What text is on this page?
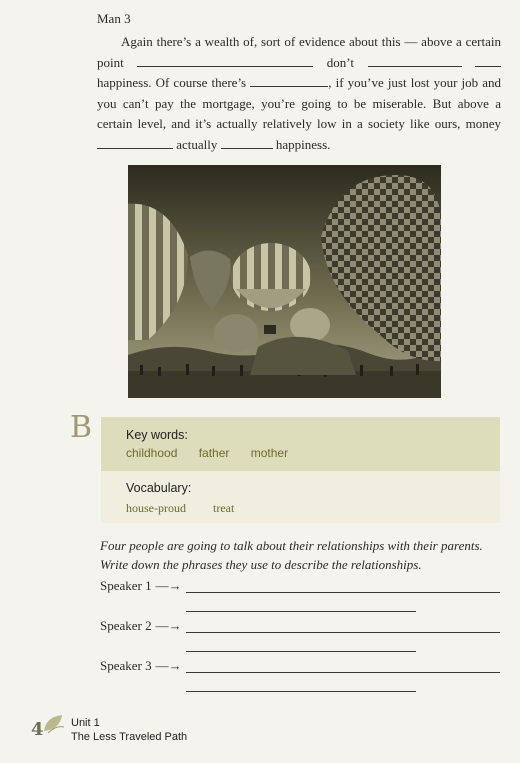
Man 3
Again there’s a wealth of, sort of evidence about this — above a certain point	don’t   happiness. Of course there’s	, if you’ve just lost your job and you can’t pay the mortgage, you’re going to be miserable. But above a certain level, and it’s actually relatively low in a society like ours, money  actually	happiness.
B	Key words:
childhood father mother
Vocabulary:
house-proud treat
Four people are going to talk about their relationships with their parents. Write down the phrases they use to describe the relationships.
Speaker 1 —→
Speaker 2 —→
Speaker 3 —→
4 Unit 1
The Less Traveled Path
